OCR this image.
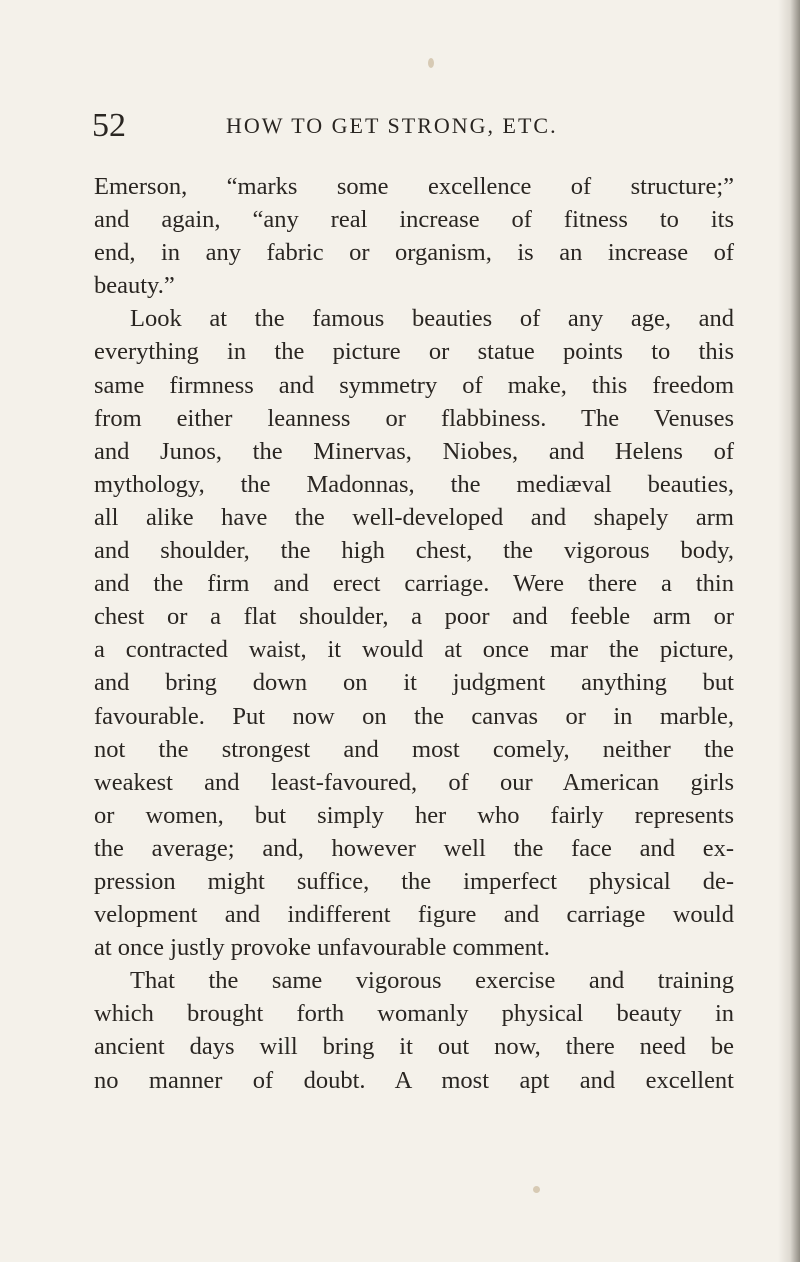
52	HOW TO GET STRONG, ETC.
Emerson, “marks some excellence of structure;”
and again, “any real increase of fitness to its
end, in any fabric or organism, is an increase of
beauty.”
Look at the famous beauties of any age, and
everything in the picture or statue points to this
same firmness and symmetry of make, this freedom
from either leanness or flabbiness. The Venuses
and Junos, the Minervas, Niobes, and Helens of
mythology, the Madonnas, the mediæval beauties,
all alike have the well-developed and shapely arm
and shoulder, the high chest, the vigorous body,
and the firm and erect carriage. Were there a thin
chest or a flat shoulder, a poor and feeble arm or
a contracted waist, it would at once mar the picture,
and bring down on it judgment anything but
favourable. Put now on the canvas or in marble,
not the strongest and most comely, neither the
weakest and least-favoured, of our American girls
or women, but simply her who fairly represents
the average; and, however well the face and ex-
pression might suffice, the imperfect physical de-
velopment and indifferent figure and carriage would
at once justly provoke unfavourable comment.
That the same vigorous exercise and training
which brought forth womanly physical beauty in
ancient days will bring it out now, there need be
no manner of doubt. A most apt and excellent
